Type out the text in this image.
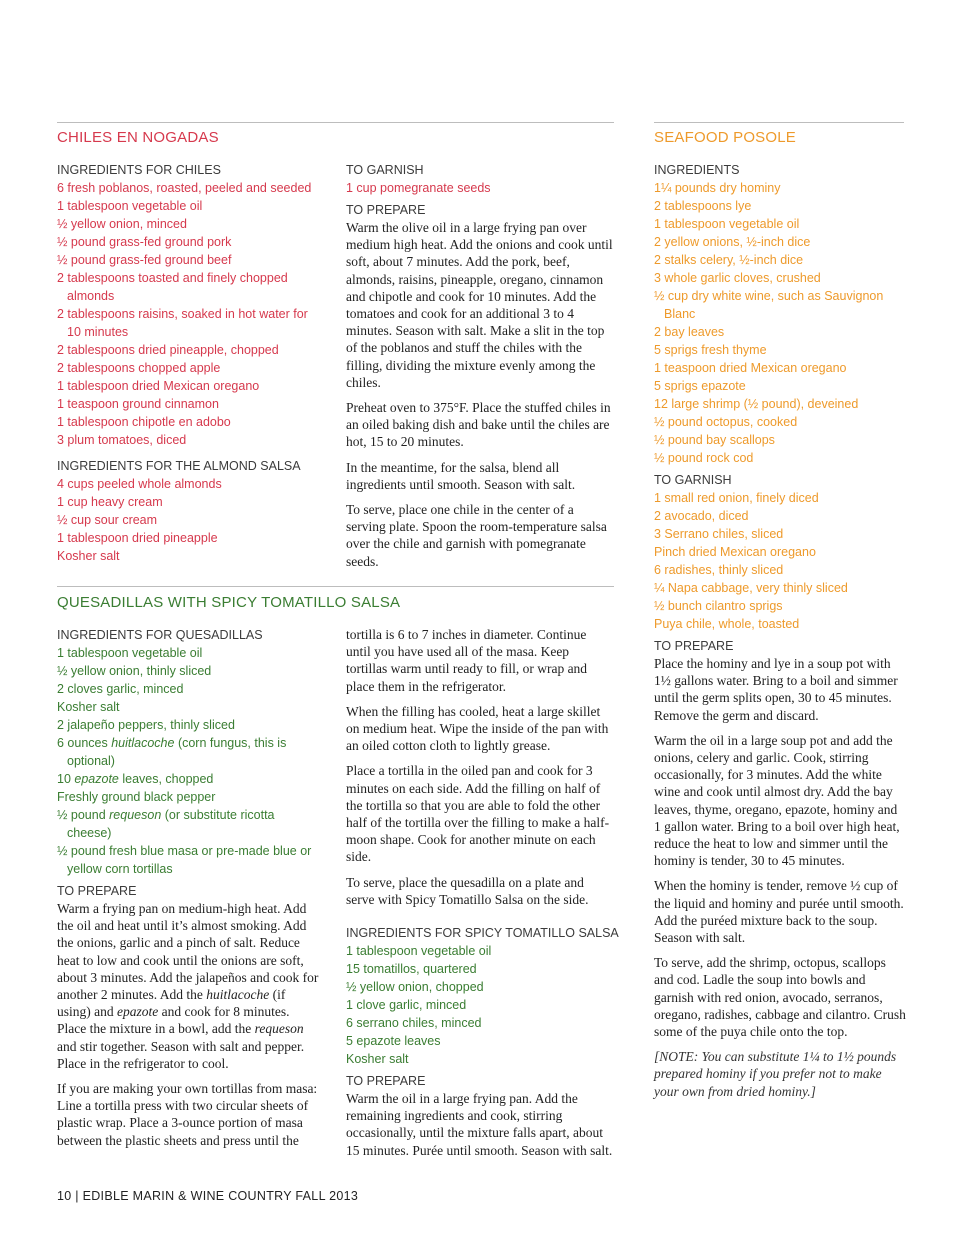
CHILES EN NOGADAS
INGREDIENTS FOR CHILES
6 fresh poblanos, roasted, peeled and seeded
1 tablespoon vegetable oil
½ yellow onion, minced
½ pound grass-fed ground pork
½ pound grass-fed ground beef
2 tablespoons toasted and finely chopped almonds
2 tablespoons raisins, soaked in hot water for 10 minutes
2 tablespoons dried pineapple, chopped
2 tablespoons chopped apple
1 tablespoon dried Mexican oregano
1 teaspoon ground cinnamon
1 tablespoon chipotle en adobo
3 plum tomatoes, diced
INGREDIENTS FOR THE ALMOND SALSA
4 cups peeled whole almonds
1 cup heavy cream
½ cup sour cream
1 tablespoon dried pineapple
Kosher salt
TO GARNISH
1 cup pomegranate seeds
TO PREPARE

Warm the olive oil in a large frying pan over medium high heat. Add the onions and cook until soft, about 7 minutes. Add the pork, beef, almonds, raisins, pineapple, oregano, cinnamon and chipotle and cook for 10 minutes. Add the tomatoes and cook for an additional 3 to 4 minutes. Season with salt. Make a slit in the top of the poblanos and stuff the chiles with the filling, dividing the mixture evenly among the chiles.

Preheat oven to 375°F. Place the stuffed chiles in an oiled baking dish and bake until the chiles are hot, 15 to 20 minutes.

In the meantime, for the salsa, blend all ingredients until smooth. Season with salt.

To serve, place one chile in the center of a serving plate. Spoon the room-temperature salsa over the chile and garnish with pomegranate seeds.

QUESADILLAS WITH SPICY TOMATILLO SALSA
INGREDIENTS FOR QUESADILLAS
1 tablespoon vegetable oil
½ yellow onion, thinly sliced
2 cloves garlic, minced
Kosher salt
2 jalapeño peppers, thinly sliced
6 ounces huitlacoche (corn fungus, this is optional)
10 epazote leaves, chopped
Freshly ground black pepper
½ pound requeson (or substitute ricotta cheese)
½ pound fresh blue masa or pre-made blue or yellow corn tortillas
TO PREPARE

Warm a frying pan on medium-high heat. Add the oil and heat until it’s almost smoking. Add the onions, garlic and a pinch of salt. Reduce heat to low and cook until the onions are soft, about 3 minutes. Add the jalapeños and cook for another 2 minutes. Add the huitlacoche (if using) and epazote and cook for 8 minutes. Place the mixture in a bowl, add the requeson and stir together. Season with salt and pepper. Place in the refrigerator to cool.

If you are making your own tortillas from masa: Line a tortilla press with two circular sheets of plastic wrap. Place a 3-ounce portion of masa between the plastic sheets and press until the

tortilla is 6 to 7 inches in diameter. Continue until you have used all of the masa. Keep tortillas warm until ready to fill, or wrap and place them in the refrigerator.

When the filling has cooled, heat a large skillet on medium heat. Wipe the inside of the pan with an oiled cotton cloth to lightly grease.

Place a tortilla in the oiled pan and cook for 3 minutes on each side. Add the filling on half of the tortilla so that you are able to fold the other half of the tortilla over the filling to make a half-moon shape. Cook for another minute on each side.

To serve, place the quesadilla on a plate and serve with Spicy Tomatillo Salsa on the side.

INGREDIENTS FOR SPICY TOMATILLO SALSA
1 tablespoon vegetable oil
15 tomatillos, quartered
½ yellow onion, chopped
1 clove garlic, minced
6 serrano chiles, minced
5 epazote leaves
Kosher salt
TO PREPARE

Warm the oil in a large frying pan. Add the remaining ingredients and cook, stirring occasionally, until the mixture falls apart, about 15 minutes. Purée until smooth. Season with salt.

SEAFOOD POSOLE
INGREDIENTS
1¼ pounds dry hominy
2 tablespoons lye
1 tablespoon vegetable oil
2 yellow onions, ½-inch dice
2 stalks celery, ½-inch dice
3 whole garlic cloves, crushed
½ cup dry white wine, such as Sauvignon Blanc
2 bay leaves
5 sprigs fresh thyme
1 teaspoon dried Mexican oregano
5 sprigs epazote
12 large shrimp (½ pound), deveined
½ pound octopus, cooked
½ pound bay scallops
½ pound rock cod
TO GARNISH
1 small red onion, finely diced
2 avocado, diced
3 Serrano chiles, sliced
Pinch dried Mexican oregano
6 radishes, thinly sliced
¼ Napa cabbage, very thinly sliced
½ bunch cilantro sprigs
Puya chile, whole, toasted
TO PREPARE

Place the hominy and lye in a soup pot with 1½ gallons water. Bring to a boil and simmer until the germ splits open, 30 to 45 minutes. Remove the germ and discard.

Warm the oil in a large soup pot and add the onions, celery and garlic. Cook, stirring occasionally, for 3 minutes. Add the white wine and cook until almost dry. Add the bay leaves, thyme, oregano, epazote, hominy and 1 gallon water. Bring to a boil over high heat, reduce the heat to low and simmer until the hominy is tender, 30 to 45 minutes.

When the hominy is tender, remove ½ cup of the liquid and hominy and purée until smooth. Add the puréed mixture back to the soup. Season with salt.

To serve, add the shrimp, octopus, scallops and cod. Ladle the soup into bowls and garnish with red onion, avocado, serranos, oregano, radishes, cabbage and cilantro. Crush some of the puya chile onto the top.

[NOTE: You can substitute 1¼ to 1½ pounds prepared hominy if you prefer not to make your own from dried hominy.]

10 | EDIBLE MARIN & WINE COUNTRY FALL 2013
